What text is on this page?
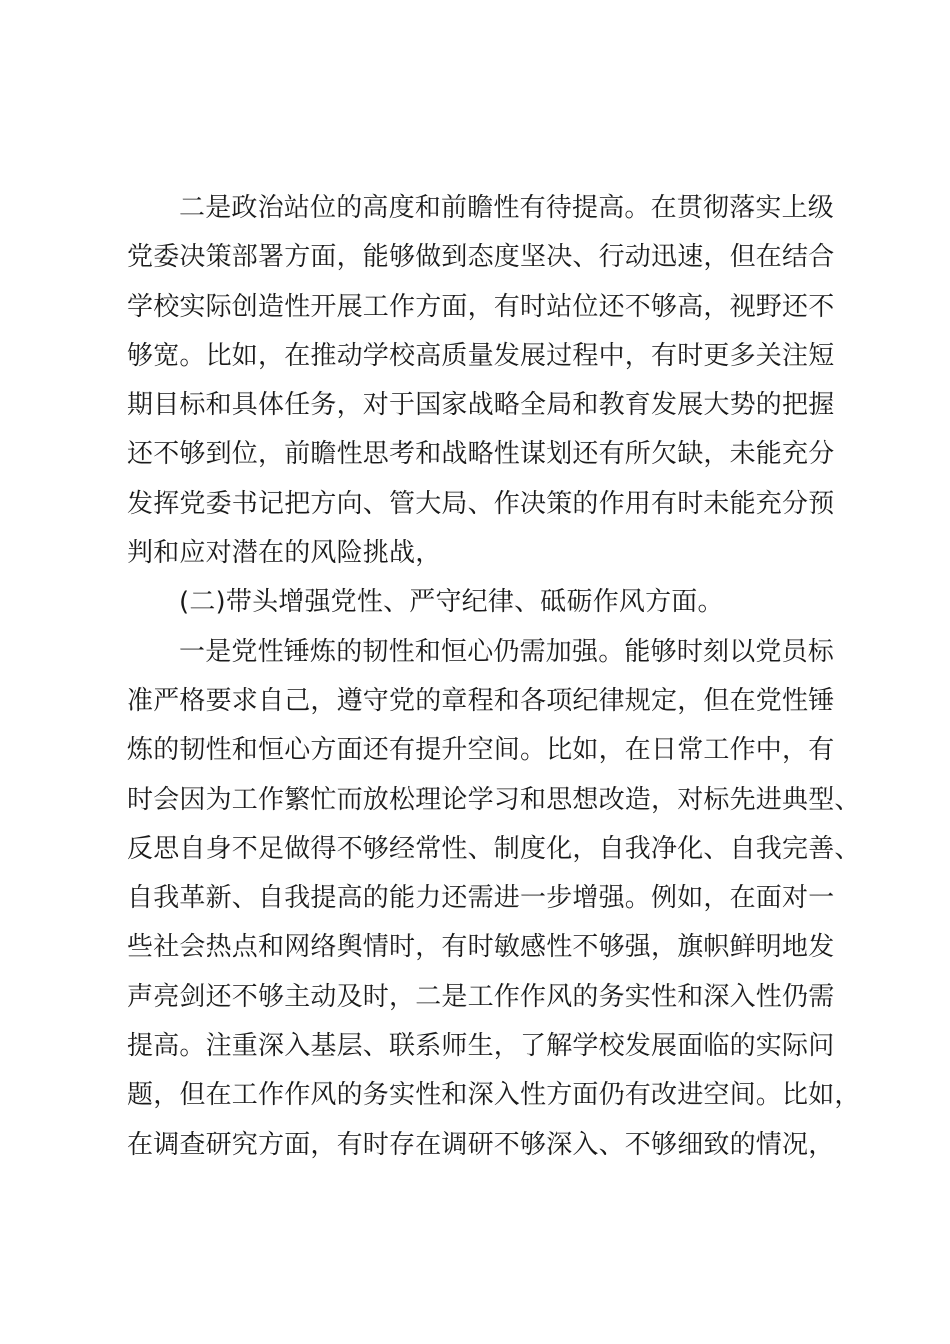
二是政治站位的高度和前瞻性有待提高。在贯彻落实上级
党委决策部署方面，能够做到态度坚决、行动迅速，但在结合
学校实际创造性开展工作方面，有时站位还不够高，视野还不
够宽。比如，在推动学校高质量发展过程中，有时更多关注短
期目标和具体任务，对于国家战略全局和教育发展大势的把握
还不够到位，前瞻性思考和战略性谋划还有所欠缺，未能充分
发挥党委书记把方向、管大局、作决策的作用有时未能充分预
判和应对潜在的风险挑战，
(二)带头增强党性、严守纪律、砥砺作风方面。
一是党性锤炼的韧性和恒心仍需加强。能够时刻以党员标
准严格要求自己，遵守党的章程和各项纪律规定，但在党性锤
炼的韧性和恒心方面还有提升空间。比如，在日常工作中，有
时会因为工作繁忙而放松理论学习和思想改造，对标先进典型、
反思自身不足做得不够经常性、制度化，自我净化、自我完善、
自我革新、自我提高的能力还需进一步增强。例如，在面对一
些社会热点和网络舆情时，有时敏感性不够强，旗帜鲜明地发
声亮剑还不够主动及时，二是工作作风的务实性和深入性仍需
提高。注重深入基层、联系师生，了解学校发展面临的实际问
题，但在工作作风的务实性和深入性方面仍有改进空间。比如，
在调查研究方面，有时存在调研不够深入、不够细致的情况，
